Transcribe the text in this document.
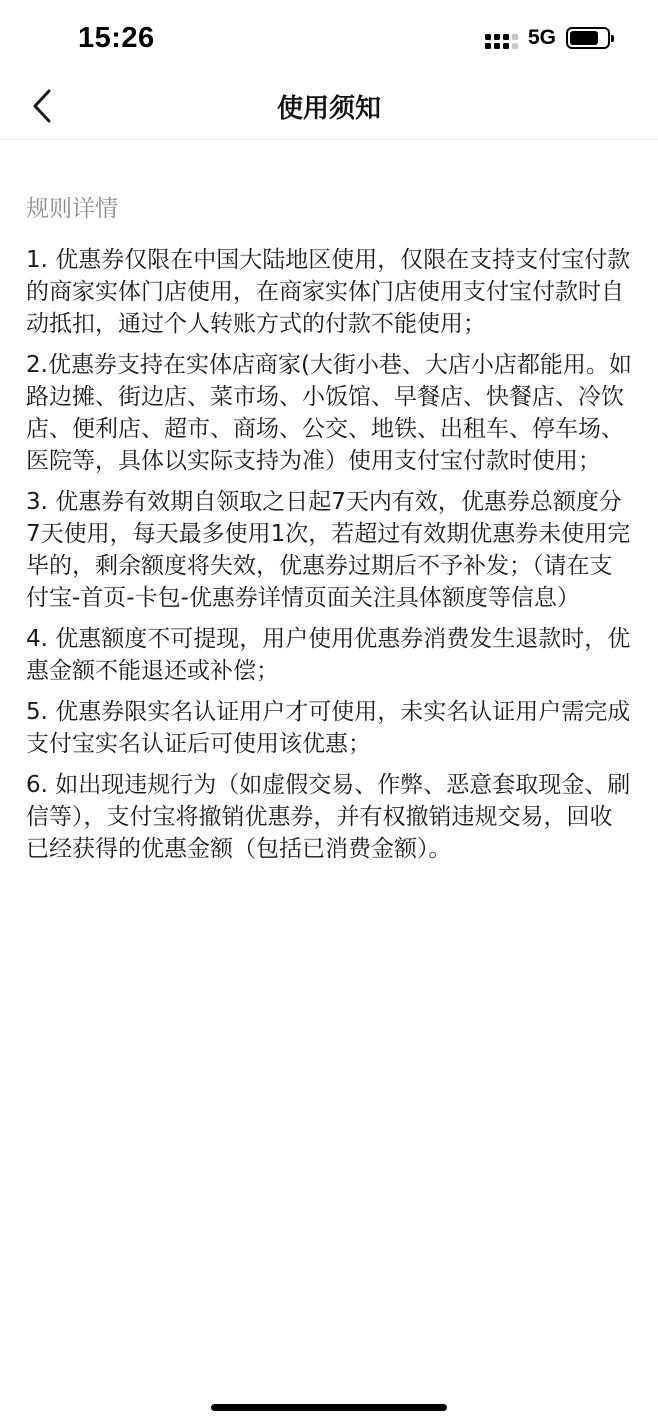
15:26	5G
使用须知
规则详情
1. 优惠券仅限在中国大陆地区使用，仅限在支持支付宝付款的商家实体门店使用，在商家实体门店使用支付宝付款时自动抵扣，通过个人转账方式的付款不能使用；
2.优惠券支持在实体店商家(大街小巷、大店小店都能用。如路边摊、街边店、菜市场、小饭馆、早餐店、快餐店、冷饮店、便利店、超市、商场、公交、地铁、出租车、停车场、医院等，具体以实际支持为准）使用支付宝付款时使用；
3. 优惠券有效期自领取之日起7天内有效，优惠券总额度分7天使用，每天最多使用1次，若超过有效期优惠券未使用完毕的，剩余额度将失效，优惠券过期后不予补发；（请在支付宝-首页-卡包-优惠券详情页面关注具体额度等信息）
4. 优惠额度不可提现，用户使用优惠券消费发生退款时，优惠金额不能退还或补偿；
5. 优惠券限实名认证用户才可使用，未实名认证用户需完成支付宝实名认证后可使用该优惠；
6. 如出现违规行为（如虚假交易、作弊、恶意套取现金、刷信等），支付宝将撤销优惠券，并有权撤销违规交易，回收已经获得的优惠金额（包括已消费金额）。
